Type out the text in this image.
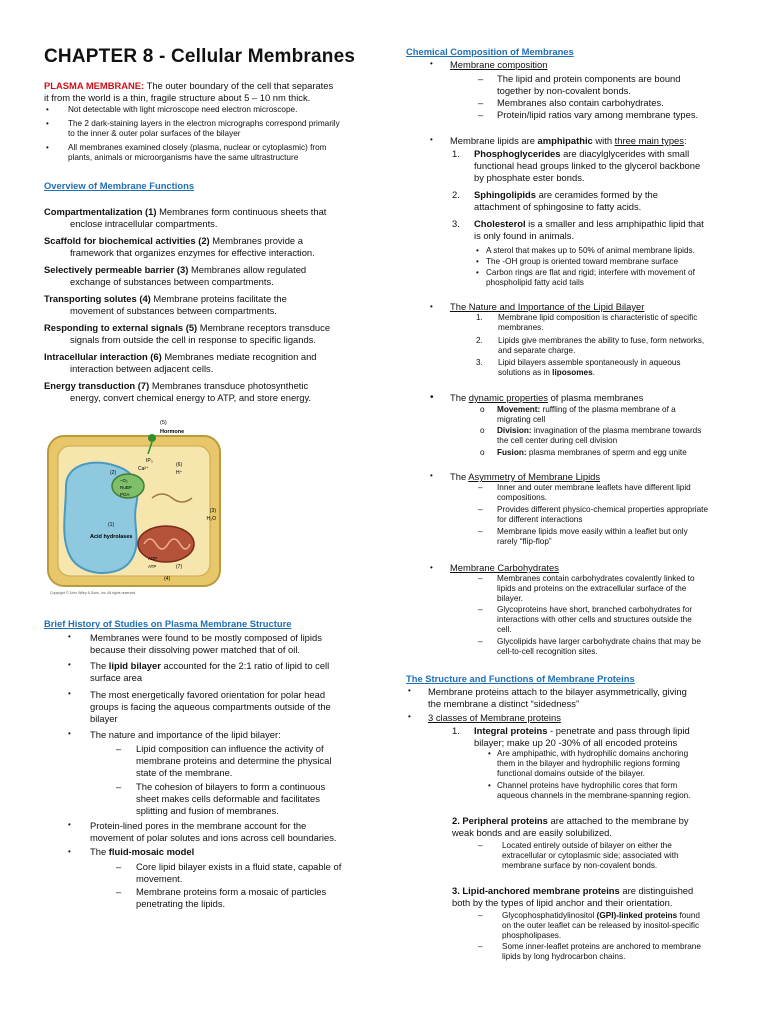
CHAPTER 8 - Cellular Membranes
PLASMA MEMBRANE: The outer boundary of the cell that separates
it from the world is a thin, fragile structure about 5 – 10 nm thick.
• Not detectable with light microscope need electron microscope.
• The 2 dark-staining layers in the electron micrographs correspond primarily
to the inner & outer polar surfaces of the bilayer
• All membranes examined closely (plasma, nuclear or cytoplasmic) from
plants, animals or microorganisms have the same ultrastructure
Overview of Membrane Functions
Compartmentalization (1) Membranes form continuous sheets that
enclose intracellular compartments.
Scaffold for biochemical activities (2) Membranes provide a
framework that organizes enzymes for effective interaction.
Selectively permeable barrier (3) Membranes allow regulated
exchange of substances between compartments.
Transporting solutes (4) Membrane proteins facilitate the
movement of substances between compartments.
Responding to external signals (5) Membrane receptors transduce
signals from outside the cell in response to specific ligands.
Intracellular interaction (6) Membranes mediate recognition and
interaction between adjacent cells.
Energy transduction (7) Membranes transduce photosynthetic
energy, convert chemical energy to ATP, and store energy.
(5)
Hormone
IP₃
Ca²⁺
(6)
H⁺
(2)
–O₂
RuBP
PGA
(3)
H₂O
(1)
Acid hydrolases
ADP
ATP	(7)
(4)
Copyright © John Wiley & Sons, Inc. All rights reserved.
Brief History of Studies on Plasma Membrane Structure
• Membranes were found to be mostly composed of lipids
because their dissolving power matched that of oil.
• The lipid bilayer accounted for the 2:1 ratio of lipid to cell
surface area
• The most energetically favored orientation for polar head
groups is facing the aqueous compartments outside of the
bilayer
• The nature and importance of the lipid bilayer:
– Lipid composition can influence the activity of
membrane proteins and determine the physical
state of the membrane.
– The cohesion of bilayers to form a continuous
sheet makes cells deformable and facilitates
splitting and fusion of membranes.
• Protein-lined pores in the membrane account for the
movement of polar solutes and ions across cell boundaries.
• The fluid-mosaic model
– Core lipid bilayer exists in a fluid state, capable of
movement.
– Membrane proteins form a mosaic of particles
penetrating the lipids.
Chemical Composition of Membranes
• Membrane composition
– The lipid and protein components are bound
together by non-covalent bonds.
– Membranes also contain carbohydrates.
– Protein/lipid ratios vary among membrane types.
• Membrane lipids are amphipathic with three main types:
1. Phosphoglycerides are diacylglycerides with small
functional head groups linked to the glycerol backbone
by phosphate ester bonds.
2. Sphingolipids are ceramides formed by the
attachment of sphingosine to fatty acids.
3. Cholesterol is a smaller and less amphipathic lipid that
is only found in animals.
• A sterol that makes up to 50% of animal membrane lipids.
• The -OH group is oriented toward membrane surface
• Carbon rings are flat and rigid; interfere with movement of
phospholipid fatty acid tails
• The Nature and Importance of the Lipid Bilayer
1. Membrane lipid composition is characteristic of specific
membranes.
2. Lipids give membranes the ability to fuse, form networks,
and separate charge.
3. Lipid bilayers assemble spontaneously in aqueous
solutions as in liposomes.
• The dynamic properties of plasma membranes
o Movement: ruffling of the plasma membrane of a
migrating cell
o Division: invagination of the plasma membrane towards
the cell center during cell division
o Fusion: plasma membranes of sperm and egg unite
• The Asymmetry of Membrane Lipids
– Inner and outer membrane leaflets have different lipid
compositions.
– Provides different physico-chemical properties appropriate
for different interactions
– Membrane lipids move easily within a leaflet but only
rarely “flip-flop”
• Membrane Carbohydrates
– Membranes contain carbohydrates covalently linked to
lipids and proteins on the extracellular surface of the
bilayer.
– Glycoproteins have short, branched carbohydrates for
interactions with other cells and structures outside the
cell.
– Glycolipids have larger carbohydrate chains that may be
cell-to-cell recognition sites.
The Structure and Functions of Membrane Proteins
• Membrane proteins attach to the bilayer asymmetrically, giving
the membrane a distinct “sidedness”
• 3 classes of Membrane proteins
1. Integral proteins - penetrate and pass through lipid
bilayer; make up 20 -30% of all encoded proteins
• Are amphipathic, with hydrophilic domains anchoring
them in the bilayer and hydrophilic regions forming
functional domains outside of the bilayer.
• Channel proteins have hydrophilic cores that form
aqueous channels in the membrane-spanning region.
2. Peripheral proteins are attached to the membrane by
weak bonds and are easily solubilized.
– Located entirely outside of bilayer on either the
extracellular or cytoplasmic side; associated with
membrane surface by non-covalent bonds.
3. Lipid-anchored membrane proteins are distinguished
both by the types of lipid anchor and their orientation.
– Glycophosphatidylinositol (GPI)-linked proteins found
on the outer leaflet can be released by inositol-specific
phospholipases.
– Some inner-leaflet proteins are anchored to membrane
lipids by long hydrocarbon chains.
